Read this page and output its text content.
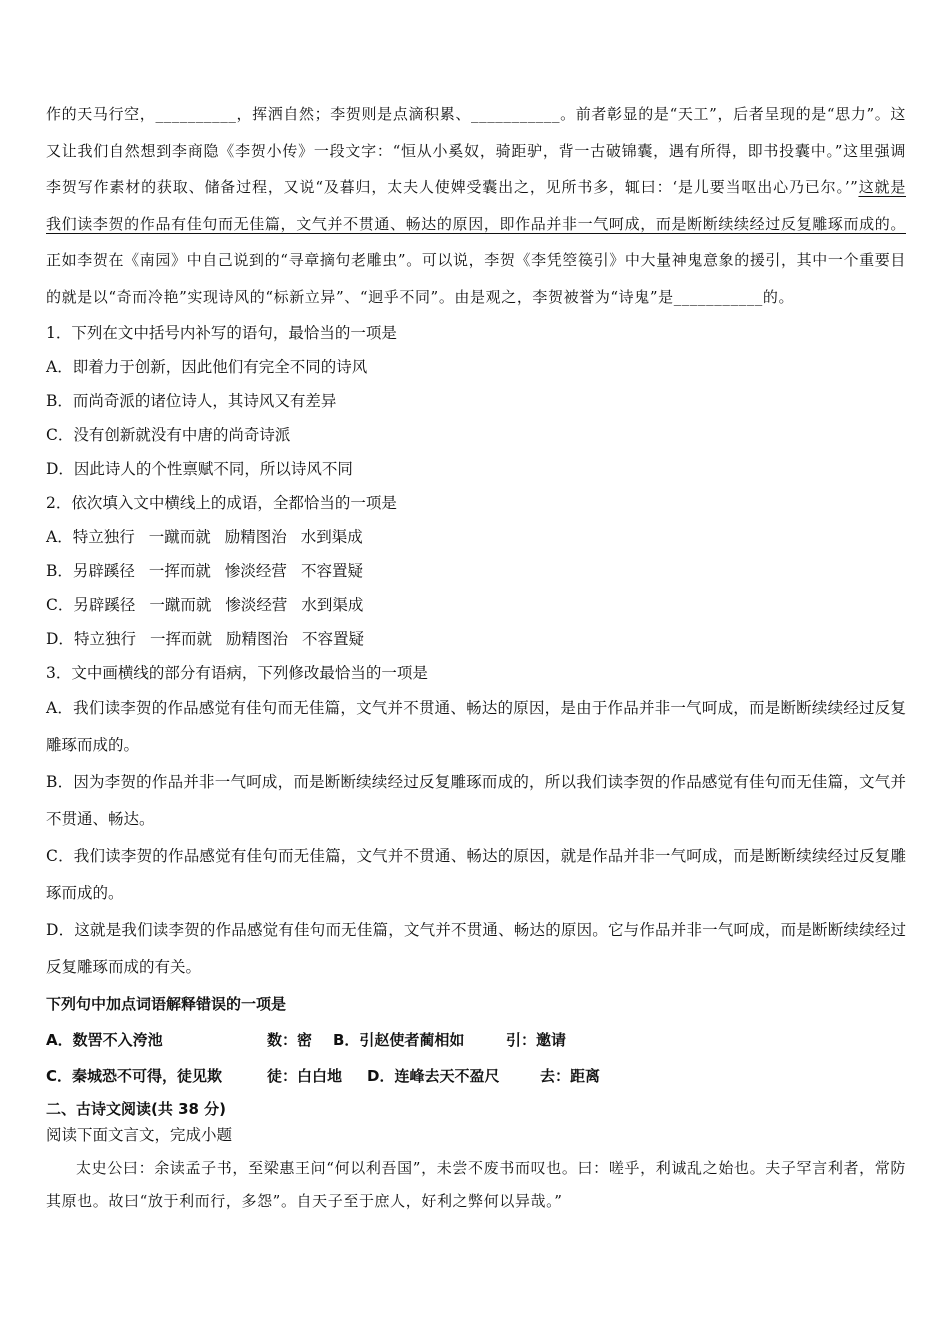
作的天马行空，__________，挥洒自然；李贺则是点滴积累、___________。前者彰显的是“天工”，后者呈现的是“思力”。这又让我们自然想到李商隐《李贺小传》一段文字：“恒从小奚奴，骑距驴，背一古破锦囊，遇有所得，即书投囊中。”这里强调李贺写作素材的获取、储备过程，又说“及暮归，太夫人使婢受囊出之，见所书多，辄曰：‘是儿要当呕出心乃已尔。’”这就是我们读李贺的作品有佳句而无佳篇，文气并不贯通、畅达的原因，即作品并非一气呵成，而是断断续续经过反复雕琢而成的。正如李贺在《南园》中自己说到的“寻章摘句老雕虫”。可以说，李贺《李凭箜篌引》中大量神鬼意象的援引，其中一个重要目的就是以“奇而冷艳”实现诗风的“标新立异”、“迥乎不同”。由是观之，李贺被誉为“诗鬼”是___________的。

1．下列在文中括号内补写的语句，最恰当的一项是

A．即着力于创新，因此他们有完全不同的诗风

B．而尚奇派的诸位诗人，其诗风又有差异

C．没有创新就没有中唐的尚奇诗派

D．因此诗人的个性禀赋不同，所以诗风不同

2．依次填入文中横线上的成语，全都恰当的一项是

A．特立独行 一蹴而就 励精图治 水到渠成

B．另辟蹊径 一挥而就 惨淡经营 不容置疑

C．另辟蹊径 一蹴而就 惨淡经营 水到渠成

D．特立独行 一挥而就 励精图治 不容置疑

3．文中画横线的部分有语病，下列修改最恰当的一项是

A．我们读李贺的作品感觉有佳句而无佳篇，文气并不贯通、畅达的原因，是由于作品并非一气呵成，而是断断续续经过反复雕琢而成的。

B．因为李贺的作品并非一气呵成，而是断断续续经过反复雕琢而成的，所以我们读李贺的作品感觉有佳句而无佳篇，文气并不贯通、畅达。

C．我们读李贺的作品感觉有佳句而无佳篇，文气并不贯通、畅达的原因，就是作品并非一气呵成，而是断断续续经过反复雕琢而成的。

D．这就是我们读李贺的作品感觉有佳句而无佳篇，文气并不贯通、畅达的原因。它与作品并非一气呵成，而是断断续续经过反复雕琢而成的有关。

下列句中加点词语解释错误的一项是

A．数罟不入洿池	数：密 B．引赵使者蔺相如	引：邀请

C．秦城恐不可得，徒见欺	徒：白白地 D．连峰去天不盈尺	去：距离

二、古诗文阅读(共 38 分)

阅读下面文言文，完成小题

太史公曰：余读孟子书，至梁惠王问“何以利吾国”，未尝不废书而叹也。曰：嗟乎，利诚乱之始也。夫子罕言利者，常防其原也。故曰“放于利而行，多怨”。自天子至于庶人，好利之弊何以异哉。”
